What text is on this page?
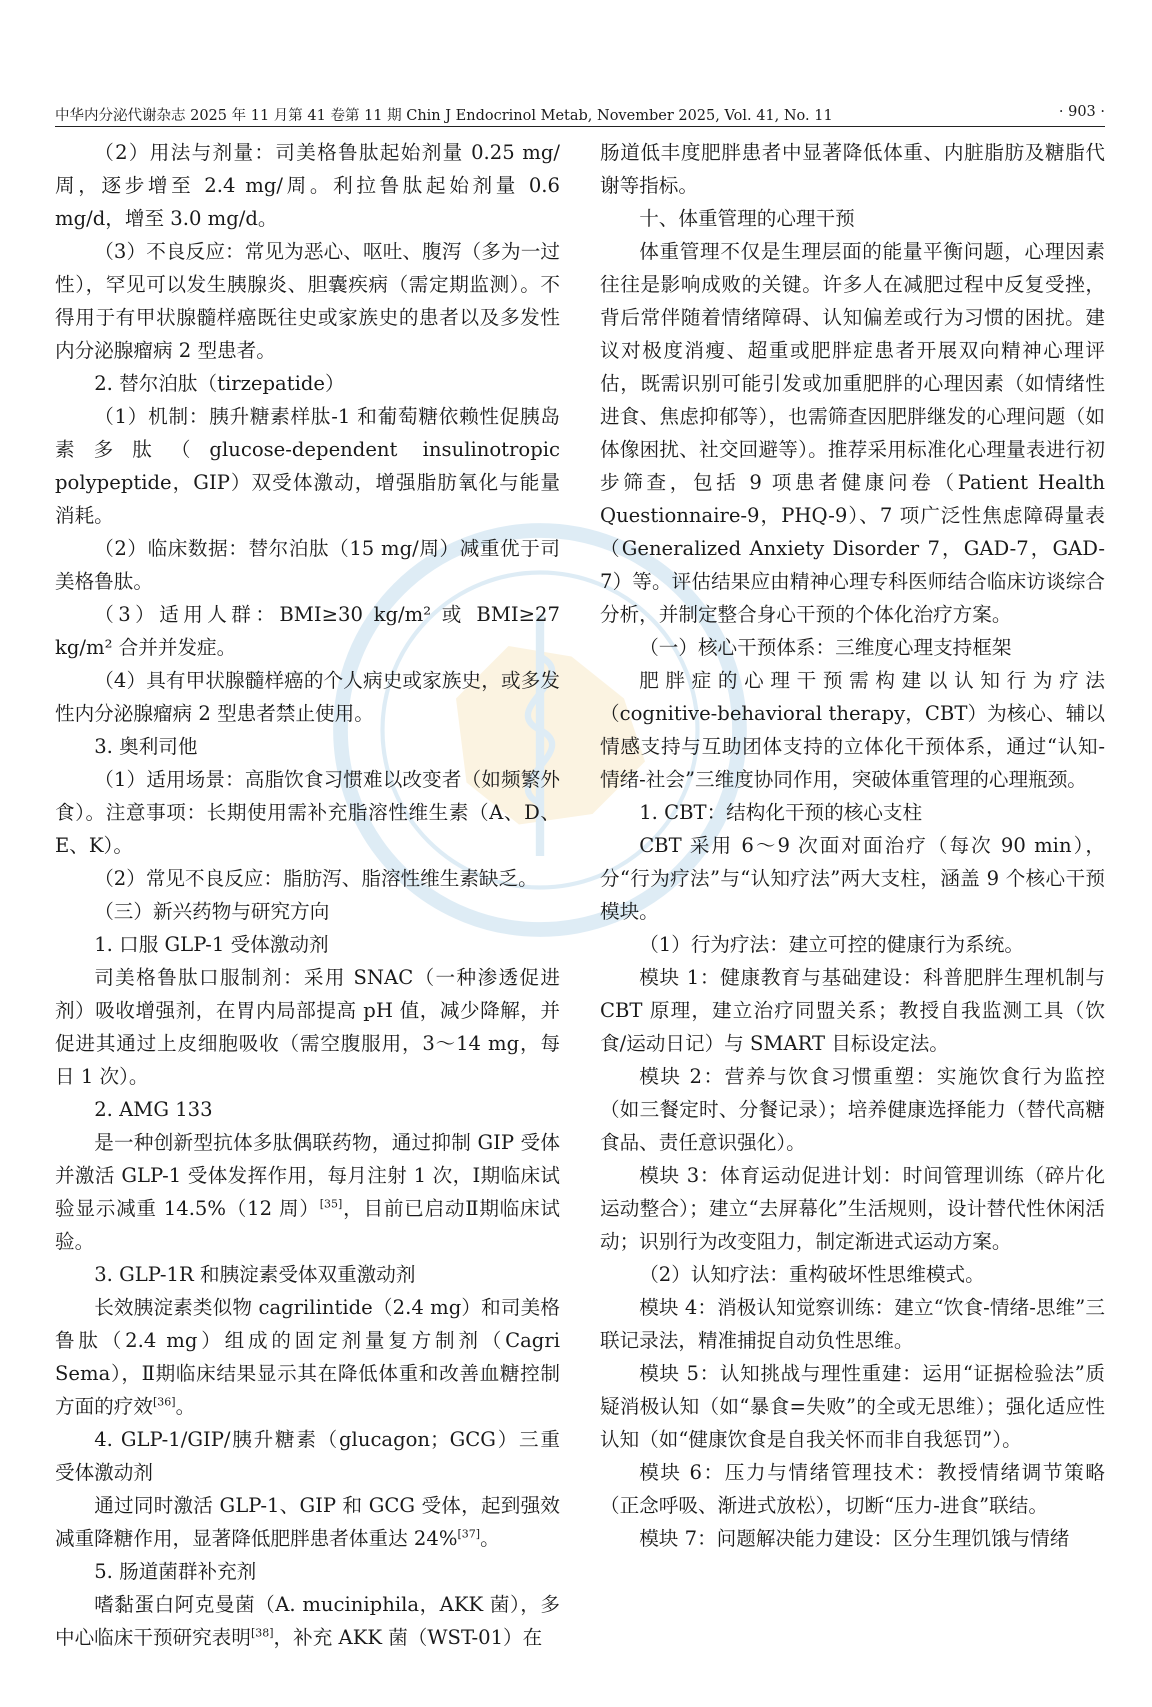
中华内分泌代谢杂志 2025 年 11 月第 41 卷第 11 期 Chin J Endocrinol Metab, November 2025, Vol. 41, No. 11	· 903 ·

（2）用法与剂量：司美格鲁肽起始剂量 0.25 mg/周，逐步增至 2.4 mg/周。利拉鲁肽起始剂量 0.6 mg/d，增至 3.0 mg/d。

（3）不良反应：常见为恶心、呕吐、腹泻（多为一过性），罕见可以发生胰腺炎、胆囊疾病（需定期监测）。不得用于有甲状腺髓样癌既往史或家族史的患者以及多发性内分泌腺瘤病 2 型患者。

2. 替尔泊肽（tirzepatide）

（1）机制：胰升糖素样肽-1 和葡萄糖依赖性促胰岛素多肽（glucose-dependent insulinotropic polypeptide，GIP）双受体激动，增强脂肪氧化与能量消耗。

（2）临床数据：替尔泊肽（15 mg/周）减重优于司美格鲁肽。

（3）适用人群：BMI≥30 kg/m² 或 BMI≥27 kg/m² 合并并发症。

（4）具有甲状腺髓样癌的个人病史或家族史，或多发性内分泌腺瘤病 2 型患者禁止使用。

3. 奥利司他

（1）适用场景：高脂饮食习惯难以改变者（如频繁外食）。注意事项：长期使用需补充脂溶性维生素（A、D、E、K）。

（2）常见不良反应：脂肪泻、脂溶性维生素缺乏。

（三）新兴药物与研究方向

1. 口服 GLP-1 受体激动剂

司美格鲁肽口服制剂：采用 SNAC（一种渗透促进剂）吸收增强剂，在胃内局部提高 pH 值，减少降解，并促进其通过上皮细胞吸收（需空腹服用，3～14 mg，每日 1 次）。

2. AMG 133

是一种创新型抗体多肽偶联药物，通过抑制 GIP 受体并激活 GLP-1 受体发挥作用，每月注射 1 次，Ⅰ期临床试验显示减重 14.5%（12 周）[35]，目前已启动Ⅱ期临床试验。

3. GLP-1R 和胰淀素受体双重激动剂

长效胰淀素类似物 cagrilintide（2.4 mg）和司美格鲁肽（2.4 mg）组成的固定剂量复方制剂（Cagri Sema），Ⅱ期临床结果显示其在降低体重和改善血糖控制方面的疗效[36]。

4. GLP-1/GIP/胰升糖素（glucagon；GCG）三重受体激动剂

通过同时激活 GLP-1、GIP 和 GCG 受体，起到强效减重降糖作用，显著降低肥胖患者体重达 24%[37]。

5. 肠道菌群补充剂

嗜黏蛋白阿克曼菌（A. muciniphila，AKK 菌），多中心临床干预研究表明[38]，补充 AKK 菌（WST-01）在

肠道低丰度肥胖患者中显著降低体重、内脏脂肪及糖脂代谢等指标。

十、体重管理的心理干预

体重管理不仅是生理层面的能量平衡问题，心理因素往往是影响成败的关键。许多人在减肥过程中反复受挫，背后常伴随着情绪障碍、认知偏差或行为习惯的困扰。建议对极度消瘦、超重或肥胖症患者开展双向精神心理评估，既需识别可能引发或加重肥胖的心理因素（如情绪性进食、焦虑抑郁等），也需筛查因肥胖继发的心理问题（如体像困扰、社交回避等）。推荐采用标准化心理量表进行初步筛查，包括 9 项患者健康问卷（Patient Health Questionnaire-9，PHQ-9）、7 项广泛性焦虑障碍量表（Generalized Anxiety Disorder 7，GAD-7，GAD-7）等。评估结果应由精神心理专科医师结合临床访谈综合分析，并制定整合身心干预的个体化治疗方案。

（一）核心干预体系：三维度心理支持框架

肥胖症的心理干预需构建以认知行为疗法（cognitive-behavioral therapy，CBT）为核心、辅以情感支持与互助团体支持的立体化干预体系，通过“认知-情绪-社会”三维度协同作用，突破体重管理的心理瓶颈。

1. CBT：结构化干预的核心支柱

CBT 采用 6～9 次面对面治疗（每次 90 min），分“行为疗法”与“认知疗法”两大支柱，涵盖 9 个核心干预模块。

（1）行为疗法：建立可控的健康行为系统。

模块 1：健康教育与基础建设：科普肥胖生理机制与 CBT 原理，建立治疗同盟关系；教授自我监测工具（饮食/运动日记）与 SMART 目标设定法。

模块 2：营养与饮食习惯重塑：实施饮食行为监控（如三餐定时、分餐记录）；培养健康选择能力（替代高糖食品、责任意识强化）。

模块 3：体育运动促进计划：时间管理训练（碎片化运动整合）；建立“去屏幕化”生活规则，设计替代性休闲活动；识别行为改变阻力，制定渐进式运动方案。

（2）认知疗法：重构破坏性思维模式。

模块 4：消极认知觉察训练：建立“饮食-情绪-思维”三联记录法，精准捕捉自动负性思维。

模块 5：认知挑战与理性重建：运用“证据检验法”质疑消极认知（如“暴食=失败”的全或无思维）；强化适应性认知（如“健康饮食是自我关怀而非自我惩罚”）。

模块 6：压力与情绪管理技术：教授情绪调节策略（正念呼吸、渐进式放松），切断“压力-进食”联结。

模块 7：问题解决能力建设：区分生理饥饿与情绪
